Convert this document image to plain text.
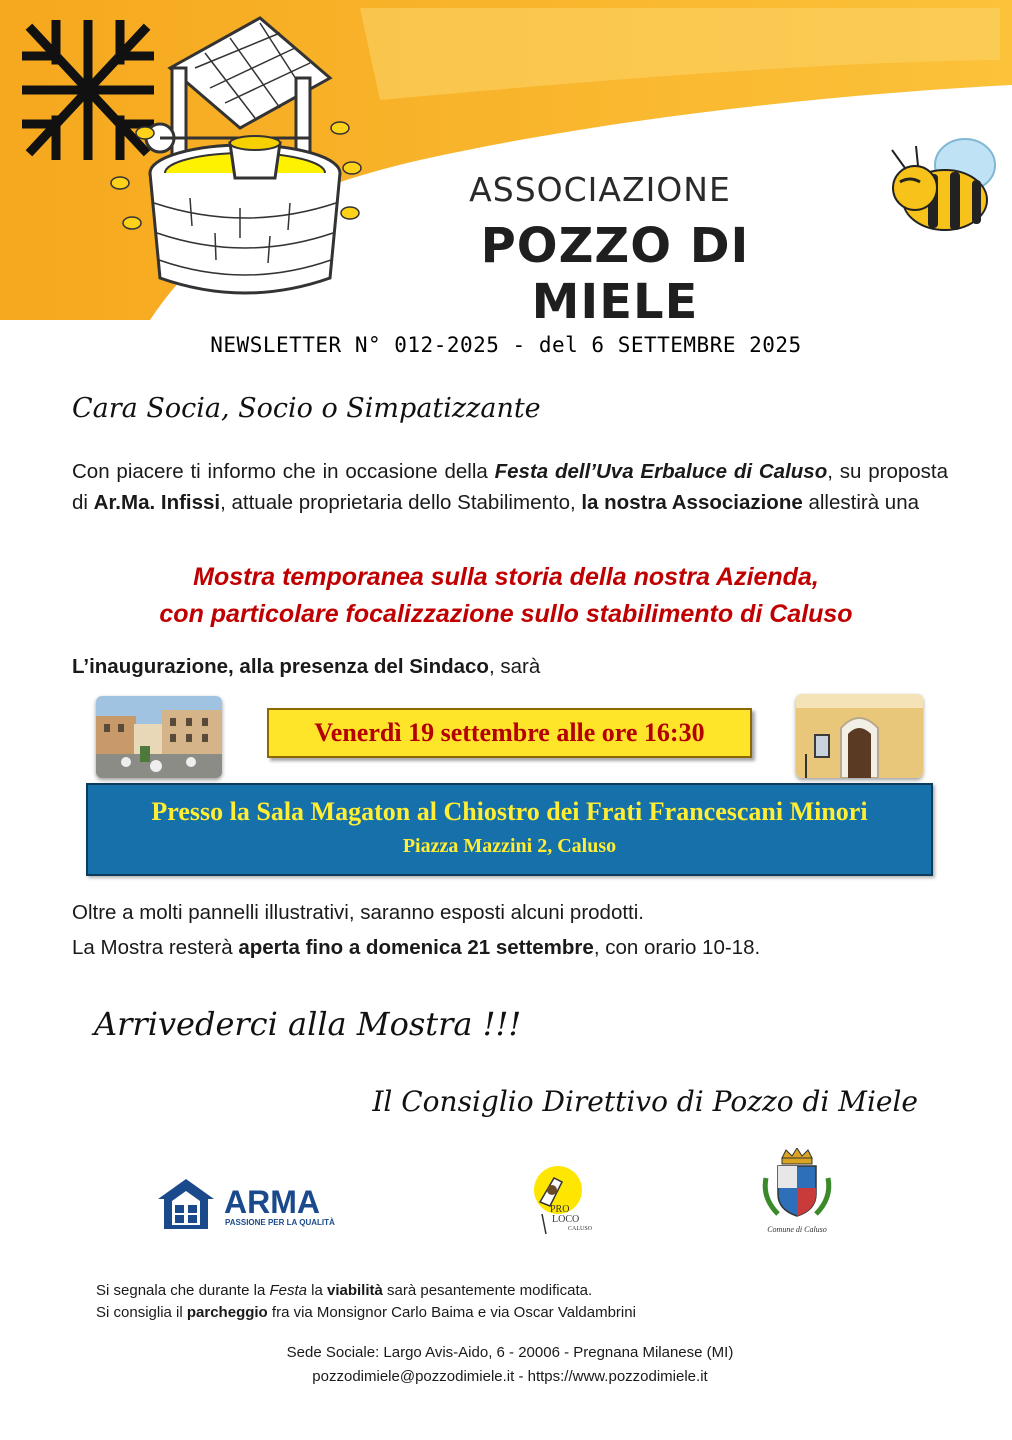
ASSOCIAZIONE
POZZO DI MIELE
NEWSLETTER N° 012-2025 - del 6 SETTEMBRE 2025
Cara Socia, Socio o Simpatizzante
Con piacere ti informo che in occasione della Festa dell’Uva Erbaluce di Caluso, su proposta di Ar.Ma. Infissi, attuale proprietaria dello Stabilimento, la nostra Associazione allestirà una
Mostra temporanea sulla storia della nostra Azienda,
con particolare focalizzazione sullo stabilimento di Caluso
L’inaugurazione, alla presenza del Sindaco, sarà
Venerdì 19 settembre alle ore 16:30
Presso la Sala Magaton al Chiostro dei Frati Francescani Minori
Piazza Mazzini 2, Caluso
Oltre a molti pannelli illustrativi, saranno esposti alcuni prodotti.
La Mostra resterà aperta fino a domenica 21 settembre, con orario 10-18.
Arrivederci alla Mostra !!!
Il Consiglio Direttivo di Pozzo di Miele
ARMA
PASSIONE PER LA QUALITÀ
PRO
LOCO
CALUSO	Comune di Caluso
Si segnala che durante la Festa la viabilità sarà pesantemente modificata.
Si consiglia il parcheggio fra via Monsignor Carlo Baima e via Oscar Valdambrini
Sede Sociale: Largo Avis-Aido, 6 - 20006 - Pregnana Milanese (MI)
pozzodimiele@pozzodimiele.it - https://www.pozzodimiele.it
